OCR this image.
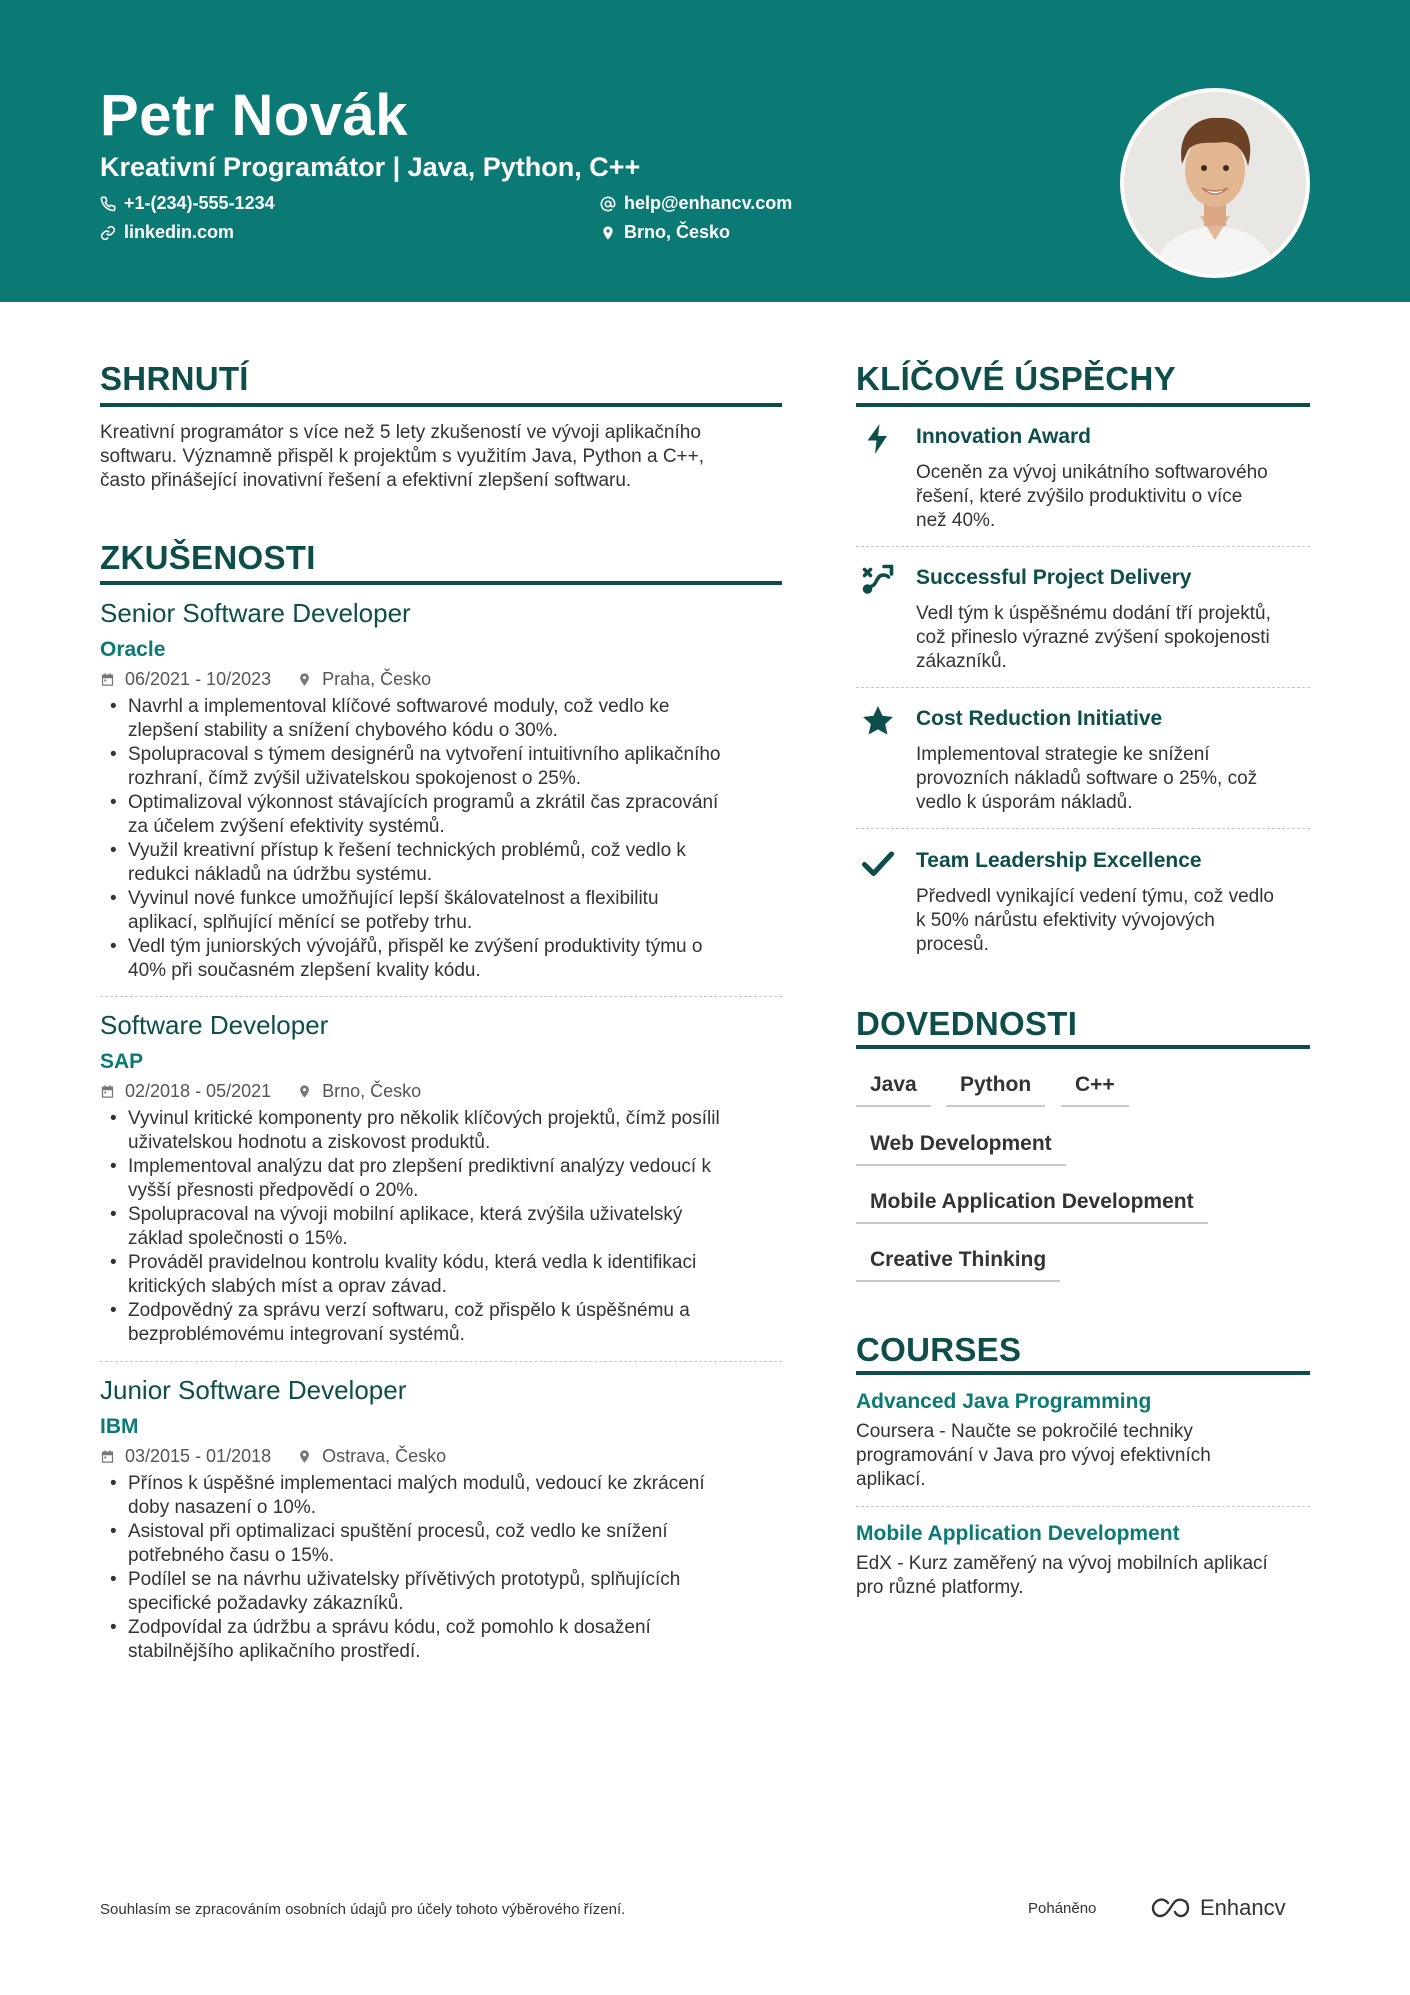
Petr Novák
Kreativní Programátor | Java, Python, C++
+1-(234)-555-1234
linkedin.com
help@enhancv.com
Brno, Česko
SHRNUTÍ
Kreativní programátor s více než 5 lety zkušeností ve vývoji aplikačního
softwaru. Významně přispěl k projektům s využitím Java, Python a C++,
často přinášející inovativní řešení a efektivní zlepšení softwaru.
ZKUŠENOSTI
Senior Software Developer
Oracle
06/2021 - 10/2023	Praha, Česko
• Navrhl a implementoval klíčové softwarové moduly, což vedlo ke
zlepšení stability a snížení chybového kódu o 30%.
• Spolupracoval s týmem designérů na vytvoření intuitivního aplikačního
rozhraní, čímž zvýšil uživatelskou spokojenost o 25%.
• Optimalizoval výkonnost stávajících programů a zkrátil čas zpracování
za účelem zvýšení efektivity systémů.
• Využil kreativní přístup k řešení technických problémů, což vedlo k
redukci nákladů na údržbu systému.
• Vyvinul nové funkce umožňující lepší škálovatelnost a flexibilitu
aplikací, splňující měnící se potřeby trhu.
• Vedl tým juniorských vývojářů, přispěl ke zvýšení produktivity týmu o
40% při současném zlepšení kvality kódu.
Software Developer
SAP
02/2018 - 05/2021	Brno, Česko
• Vyvinul kritické komponenty pro několik klíčových projektů, čímž posílil
uživatelskou hodnotu a ziskovost produktů.
• Implementoval analýzu dat pro zlepšení prediktivní analýzy vedoucí k
vyšší přesnosti předpovědí o 20%.
• Spolupracoval na vývoji mobilní aplikace, která zvýšila uživatelský
základ společnosti o 15%.
• Prováděl pravidelnou kontrolu kvality kódu, která vedla k identifikaci
kritických slabých míst a oprav závad.
• Zodpovědný za správu verzí softwaru, což přispělo k úspěšnému a
bezproblémovému integrovaní systémů.
Junior Software Developer
IBM
03/2015 - 01/2018	Ostrava, Česko
• Přínos k úspěšné implementaci malých modulů, vedoucí ke zkrácení
doby nasazení o 10%.
• Asistoval při optimalizaci spuštění procesů, což vedlo ke snížení
potřebného času o 15%.
• Podílel se na návrhu uživatelsky přívětivých prototypů, splňujících
specifické požadavky zákazníků.
• Zodpovídal za údržbu a správu kódu, což pomohlo k dosažení
stabilnějšího aplikačního prostředí.
KLÍČOVÉ ÚSPĚCHY
Innovation Award
Oceněn za vývoj unikátního softwarového
řešení, které zvýšilo produktivitu o více
než 40%.
Successful Project Delivery
Vedl tým k úspěšnému dodání tří projektů,
což přineslo výrazné zvýšení spokojenosti
zákazníků.
Cost Reduction Initiative
Implementoval strategie ke snížení
provozních nákladů software o 25%, což
vedlo k úsporám nákladů.
Team Leadership Excellence
Předvedl vynikající vedení týmu, což vedlo
k 50% nárůstu efektivity vývojových
procesů.
DOVEDNOSTI
Java	Python	C++
Web Development
Mobile Application Development
Creative Thinking
COURSES
Advanced Java Programming
Coursera - Naučte se pokročilé techniky
programování v Java pro vývoj efektivních
aplikací.
Mobile Application Development
EdX - Kurz zaměřený na vývoj mobilních aplikací
pro různé platformy.
Souhlasím se zpracováním osobních údajů pro účely tohoto výběrového řízení.	Poháněno	Enhancv
